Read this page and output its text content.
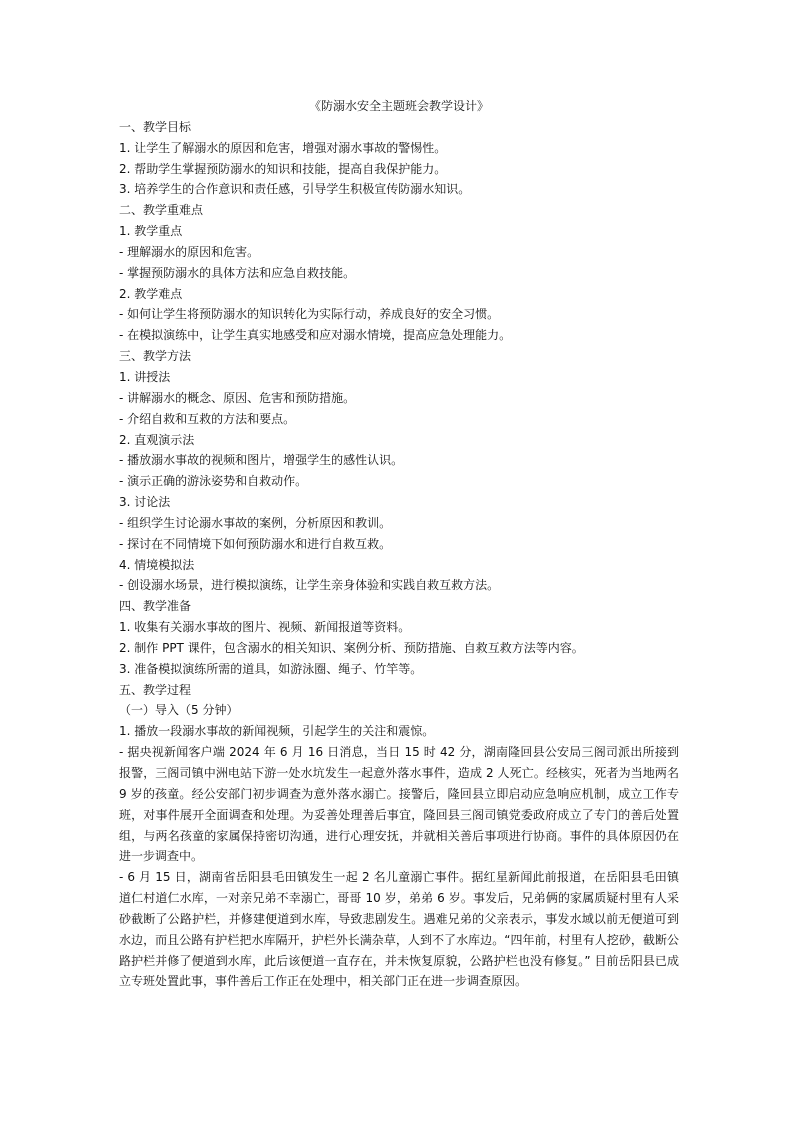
《防溺水安全主题班会教学设计》

一、教学目标

1. 让学生了解溺水的原因和危害，增强对溺水事故的警惕性。

2. 帮助学生掌握预防溺水的知识和技能，提高自我保护能力。

3. 培养学生的合作意识和责任感，引导学生积极宣传防溺水知识。

二、教学重难点

1. 教学重点

- 理解溺水的原因和危害。

- 掌握预防溺水的具体方法和应急自救技能。

2. 教学难点

- 如何让学生将预防溺水的知识转化为实际行动，养成良好的安全习惯。

- 在模拟演练中，让学生真实地感受和应对溺水情境，提高应急处理能力。

三、教学方法

1. 讲授法

- 讲解溺水的概念、原因、危害和预防措施。

- 介绍自救和互救的方法和要点。

2. 直观演示法

- 播放溺水事故的视频和图片，增强学生的感性认识。

- 演示正确的游泳姿势和自救动作。

3. 讨论法

- 组织学生讨论溺水事故的案例，分析原因和教训。

- 探讨在不同情境下如何预防溺水和进行自救互救。

4. 情境模拟法

- 创设溺水场景，进行模拟演练，让学生亲身体验和实践自救互救方法。

四、教学准备

1. 收集有关溺水事故的图片、视频、新闻报道等资料。

2. 制作 PPT 课件，包含溺水的相关知识、案例分析、预防措施、自救互救方法等内容。

3. 准备模拟演练所需的道具，如游泳圈、绳子、竹竿等。

五、教学过程

（一）导入（5 分钟）

1. 播放一段溺水事故的新闻视频，引起学生的关注和震惊。

- 据央视新闻客户端 2024 年 6 月 16 日消息，当日 15 时 42 分，湖南隆回县公安局三阁司派出所接到报警，三阁司镇中洲电站下游一处水坑发生一起意外落水事件，造成 2 人死亡。经核实，死者为当地两名 9 岁的孩童。经公安部门初步调查为意外落水溺亡。接警后，隆回县立即启动应急响应机制，成立工作专班，对事件展开全面调查和处理。为妥善处理善后事宜，隆回县三阁司镇党委政府成立了专门的善后处置组，与两名孩童的家属保持密切沟通，进行心理安抚，并就相关善后事项进行协商。事件的具体原因仍在进一步调查中。

- 6 月 15 日，湖南省岳阳县毛田镇发生一起 2 名儿童溺亡事件。据红星新闻此前报道，在岳阳县毛田镇道仁村道仁水库，一对亲兄弟不幸溺亡，哥哥 10 岁，弟弟 6 岁。事发后，兄弟俩的家属质疑村里有人采砂截断了公路护栏，并修建便道到水库，导致悲剧发生。遇难兄弟的父亲表示，事发水域以前无便道可到水边，而且公路有护栏把水库隔开，护栏外长满杂草，人到不了水库边。“四年前，村里有人挖砂，截断公路护栏并修了便道到水库，此后该便道一直存在，并未恢复原貌，公路护栏也没有修复。” 目前岳阳县已成立专班处置此事，事件善后工作正在处理中，相关部门正在进一步调查原因。
